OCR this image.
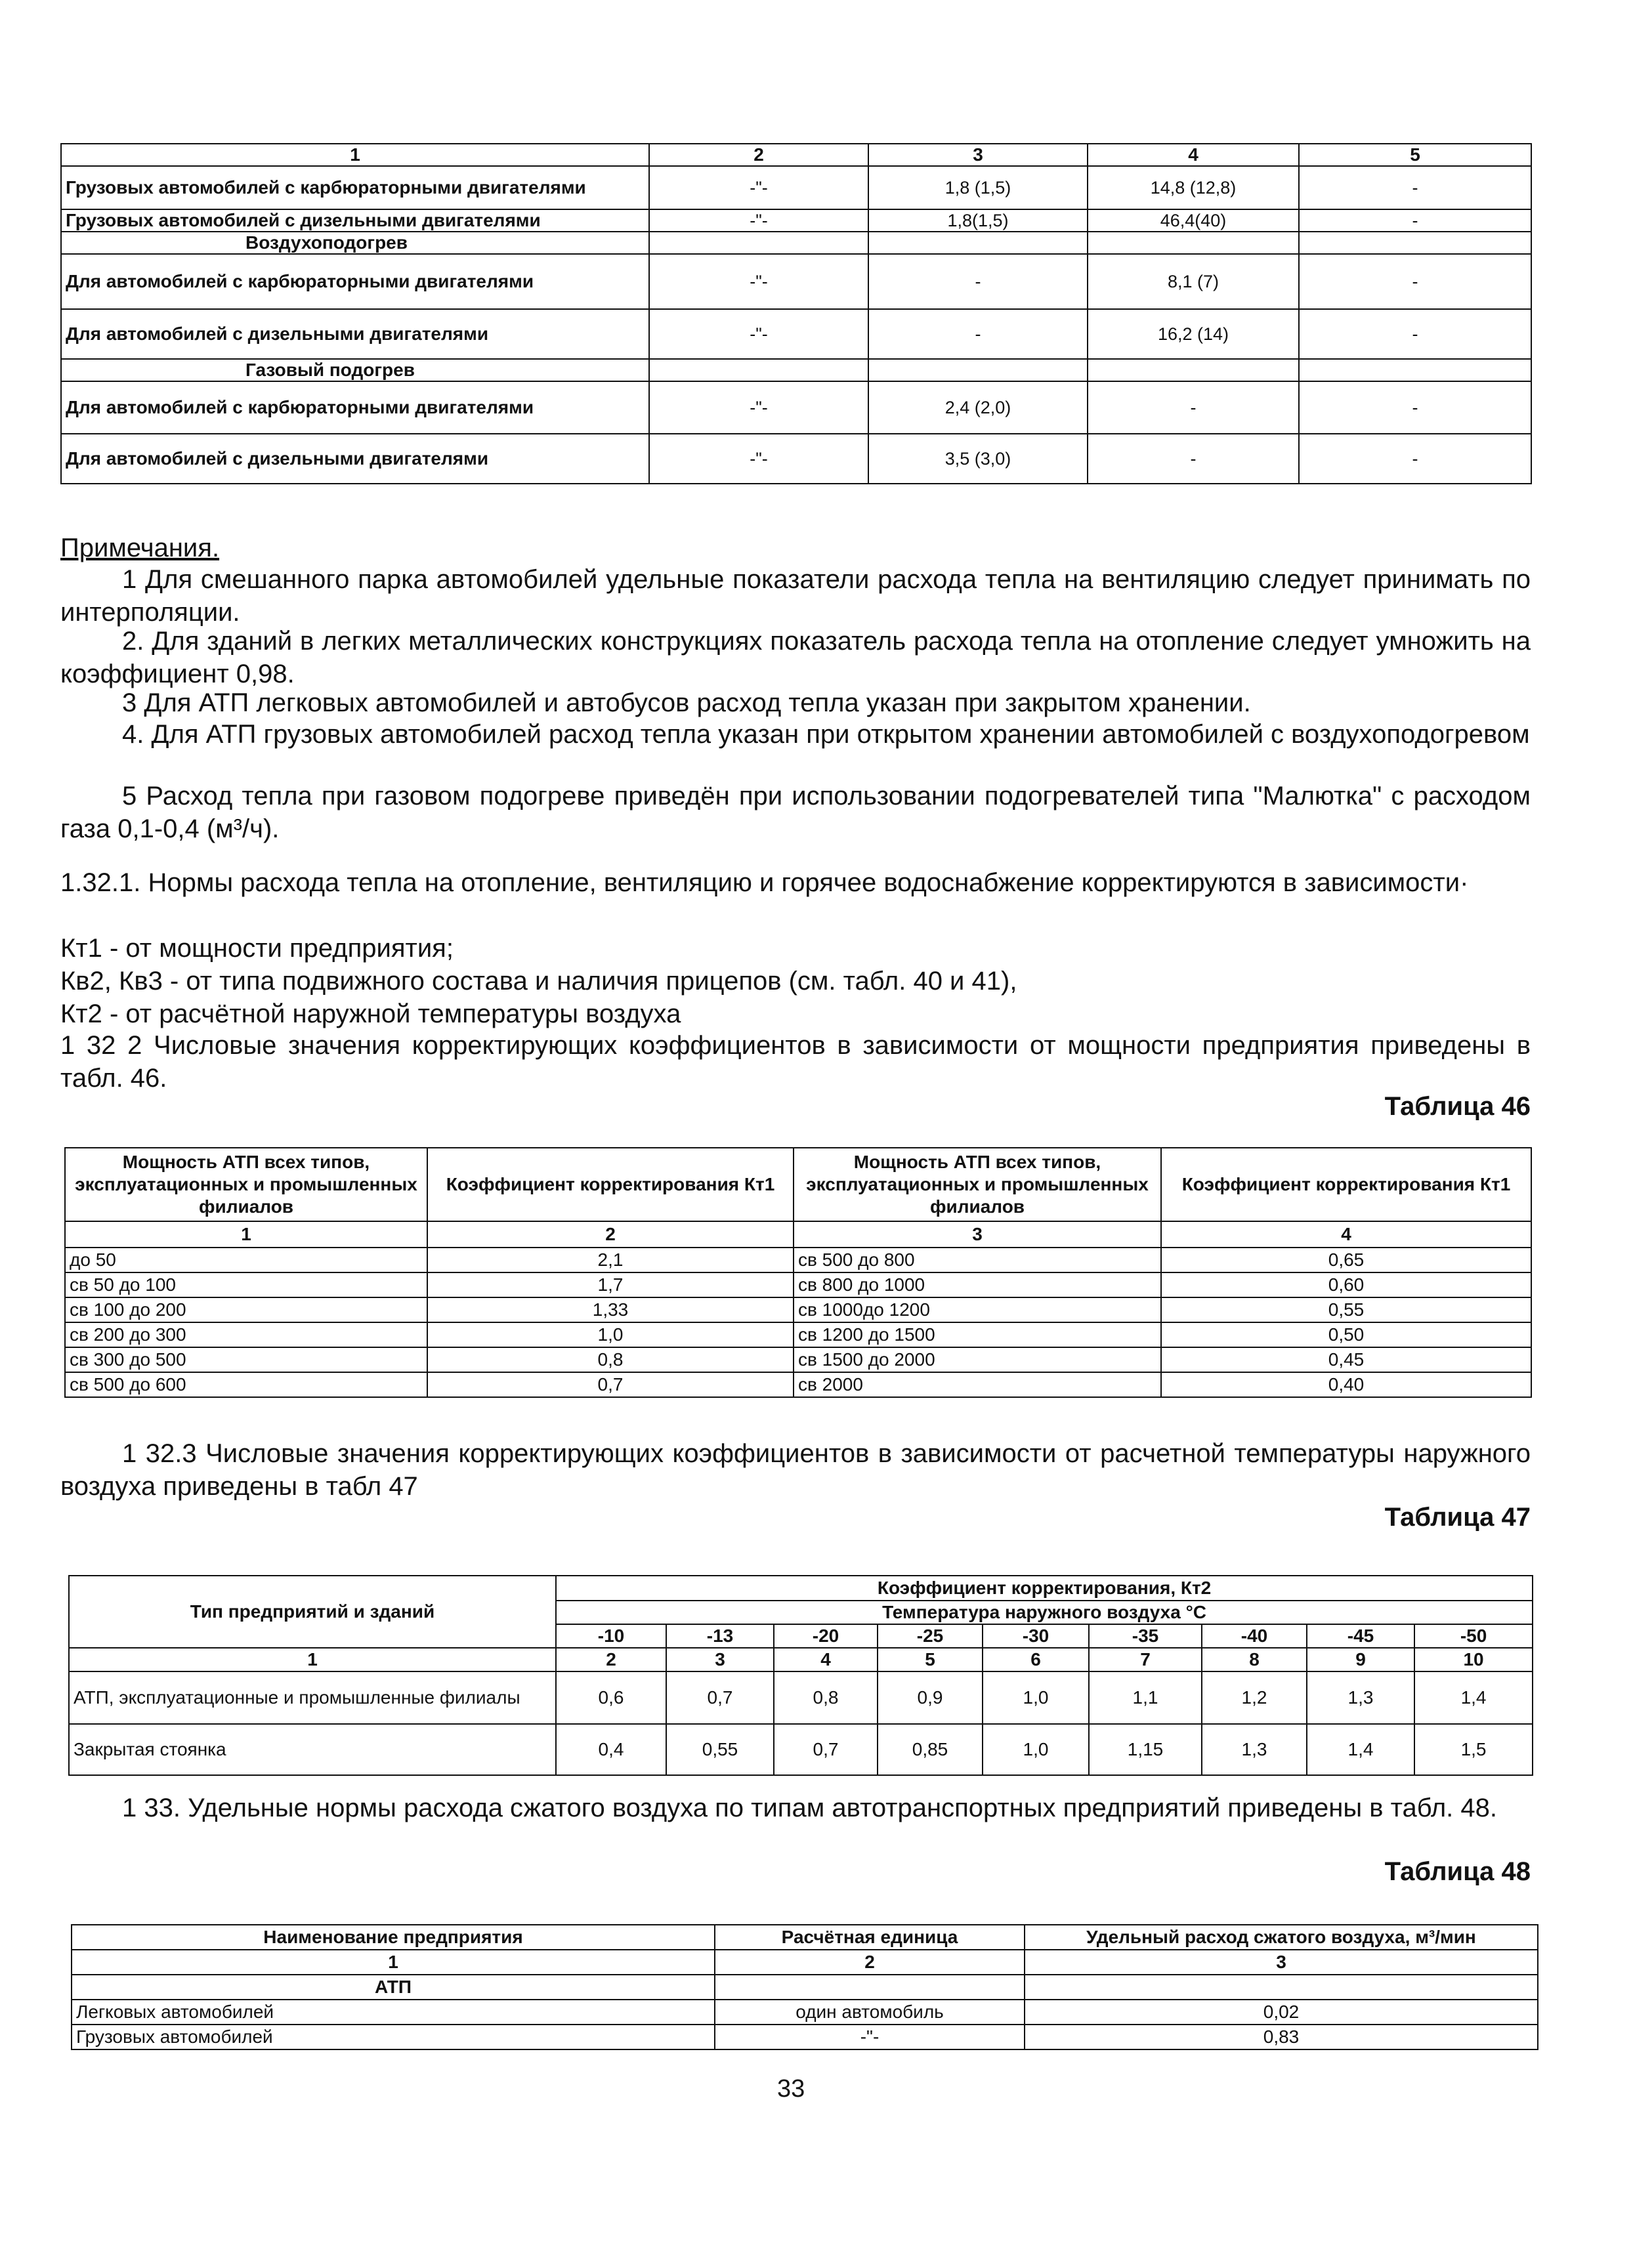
1	2	3	4	5
Грузовых автомобилей с карбюраторными двигателями	-"-	1,8 (1,5)	14,8 (12,8)	-
Грузовых автомобилей с дизельными двигателями	-"-	1,8(1,5)	46,4(40)	-
Воздухоподогрев				
Для автомобилей с карбюраторными двигателями	-"-	-	8,1 (7)	-
Для автомобилей с дизельными двигателями	-"-	-	16,2 (14)	-
Газовый подогрев				
Для автомобилей с карбюраторными двигателями	-"-	2,4 (2,0)	-	-
Для автомобилей с дизельными двигателями	-"-	3,5 (3,0)	-	-
Примечания.
1 Для смешанного парка автомобилей удельные показатели расхода тепла на вентиляцию следует принимать по интерполяции.
2. Для зданий в легких металлических конструкциях показатель расхода тепла на отопление следует умножить на коэффициент 0,98.
3 Для АТП легковых автомобилей и автобусов расход тепла указан при закрытом хранении.
4. Для АТП грузовых автомобилей расход тепла указан при открытом хранении автомобилей с воздухоподогревом
5 Расход тепла при газовом подогреве приведён при использовании подогревателей типа "Малютка" с расходом газа 0,1-0,4 (м³/ч).
1.32.1. Нормы расхода тепла на отопление, вентиляцию и горячее водоснабжение корректируются в зависимости·
Кт1 - от мощности предприятия;
Кв2, Кв3 - от типа подвижного состава и наличия прицепов (см. табл. 40 и 41),
Кт2 - от расчётной наружной температуры воздуха
1 32 2 Числовые значения корректирующих коэффициентов в зависимости от мощности предприятия приведены в табл. 46.
Таблица 46
Мощность АТП всех типов, эксплуатационных и промышленных филиалов	Коэффициент корректирования Кт1	Мощность АТП всех типов, эксплуатационных и промышленных филиалов	Коэффициент корректирования Кт1
1	2	3	4
до 50	2,1	св 500 до 800	0,65
св 50 до 100	1,7	св 800 до 1000	0,60
св 100 до 200	1,33	св 1000до 1200	0,55
св 200 до 300	1,0	св 1200 до 1500	0,50
св 300 до 500	0,8	св 1500 до 2000	0,45
св 500 до 600	0,7	св 2000	0,40
1 32.3 Числовые значения корректирующих коэффициентов в зависимости от расчетной температуры наружного воздуха приведены в табл 47
Таблица 47
Тип предприятий и зданий	Коэффициент корректирования, Кт2								
	Температура наружного воздуха °С								
	-10	-13	-20	-25	-30	-35	-40	-45	-50
1	2	3	4	5	6	7	8	9	10
АТП, эксплуатационные и промышленные филиалы	0,6	0,7	0,8	0,9	1,0	1,1	1,2	1,3	1,4
Закрытая стоянка	0,4	0,55	0,7	0,85	1,0	1,15	1,3	1,4	1,5
1 33. Удельные нормы расхода сжатого воздуха по типам автотранспортных предприятий приведены в табл. 48.
Таблица 48
Наименование предприятия	Расчётная единица	Удельный расход сжатого воздуха, м³/мин
1	2	3
АТП		
Легковых автомобилей	один автомобиль	0,02
Грузовых автомобилей	-"-	0,83
33
